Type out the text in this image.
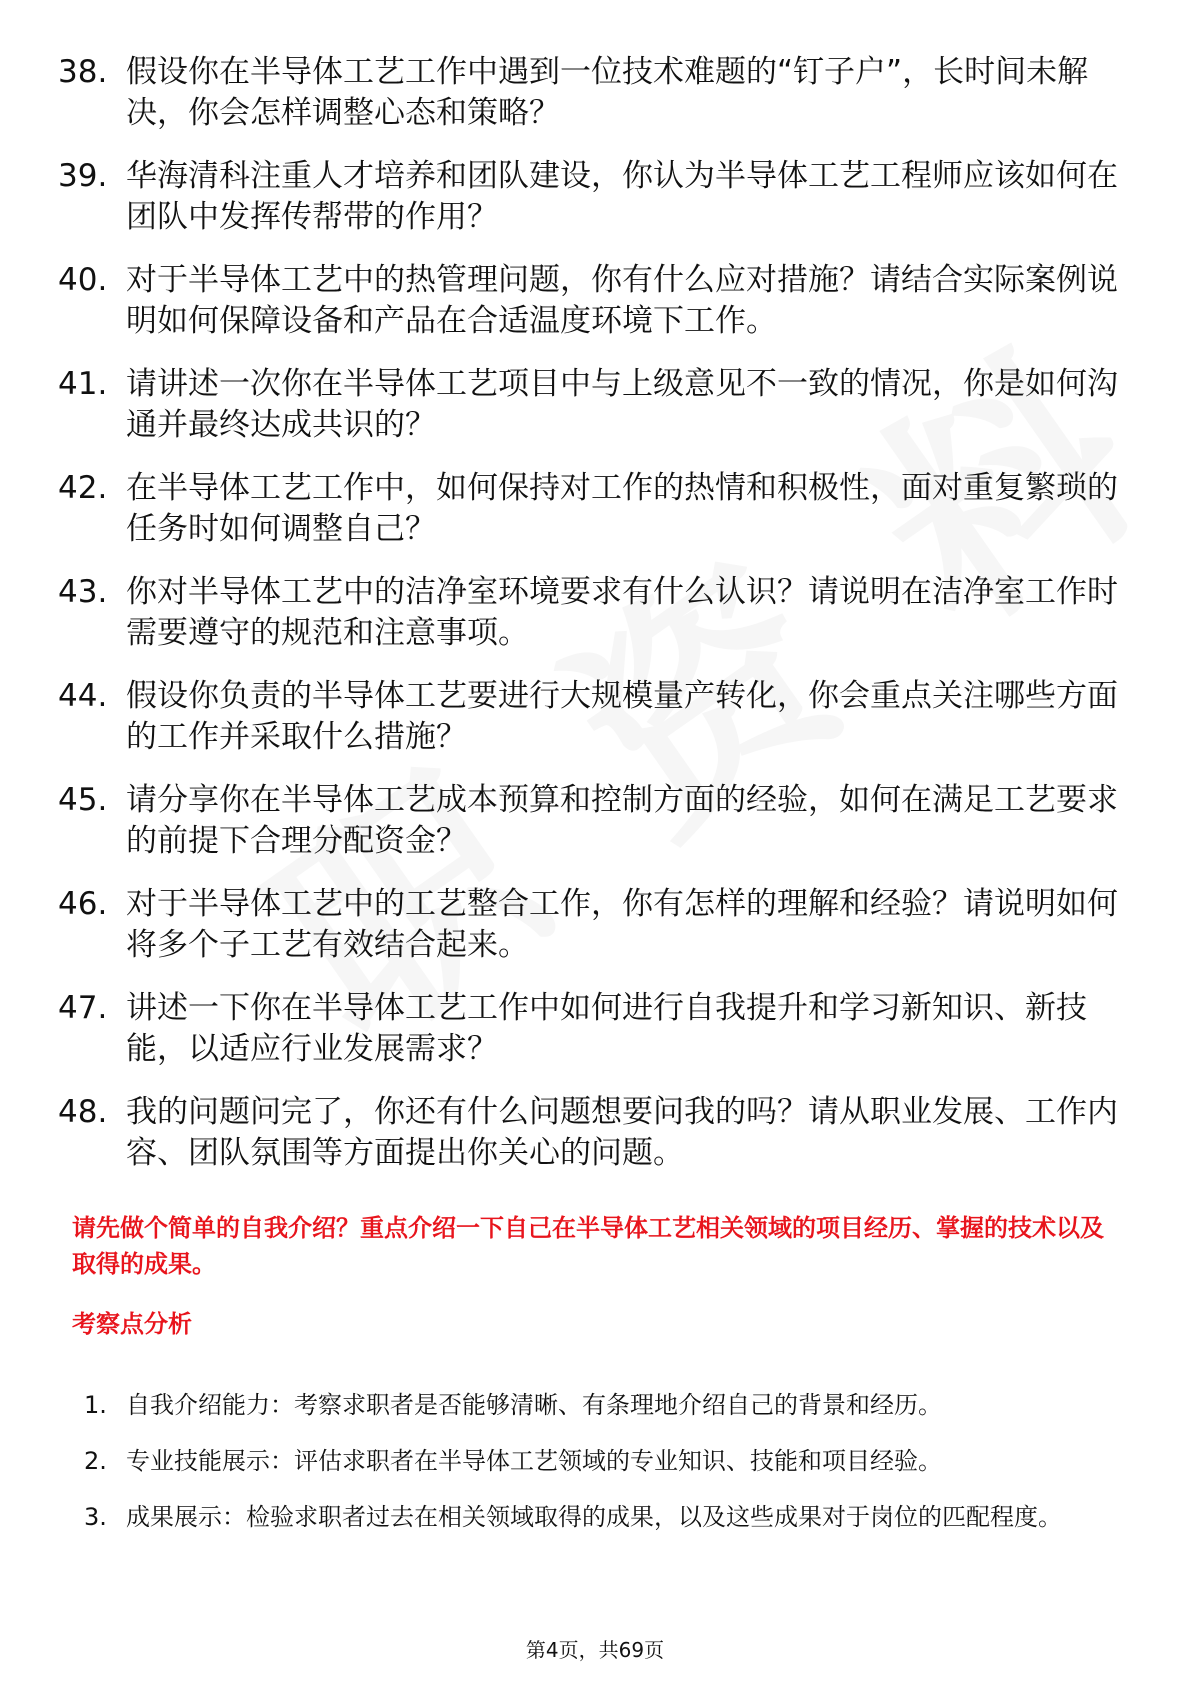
38. 假设你在半导体工艺工作中遇到一位技术难题的“钉子户”，长时间未解决，你会怎样调整心态和策略？
39. 华海清科注重人才培养和团队建设，你认为半导体工艺工程师应该如何在团队中发挥传帮带的作用？
40. 对于半导体工艺中的热管理问题，你有什么应对措施？请结合实际案例说明如何保障设备和产品在合适温度环境下工作。
41. 请讲述一次你在半导体工艺项目中与上级意见不一致的情况，你是如何沟通并最终达成共识的？
42. 在半导体工艺工作中，如何保持对工作的热情和积极性，面对重复繁琐的任务时如何调整自己？
43. 你对半导体工艺中的洁净室环境要求有什么认识？请说明在洁净室工作时需要遵守的规范和注意事项。
44. 假设你负责的半导体工艺要进行大规模量产转化，你会重点关注哪些方面的工作并采取什么措施？
45. 请分享你在半导体工艺成本预算和控制方面的经验，如何在满足工艺要求的前提下合理分配资金？
46. 对于半导体工艺中的工艺整合工作，你有怎样的理解和经验？请说明如何将多个子工艺有效结合起来。
47. 讲述一下你在半导体工艺工作中如何进行自我提升和学习新知识、新技能，以适应行业发展需求？
48. 我的问题问完了，你还有什么问题想要问我的吗？请从职业发展、工作内容、团队氛围等方面提出你关心的问题。
请先做个简单的自我介绍？重点介绍一下自己在半导体工艺相关领域的项目经历、掌握的技术以及取得的成果。
考察点分析
1. 自我介绍能力：考察求职者是否能够清晰、有条理地介绍自己的背景和经历。
2. 专业技能展示：评估求职者在半导体工艺领域的专业知识、技能和项目经验。
3. 成果展示：检验求职者过去在相关领域取得的成果，以及这些成果对于岗位的匹配程度。
第4页，共69页
